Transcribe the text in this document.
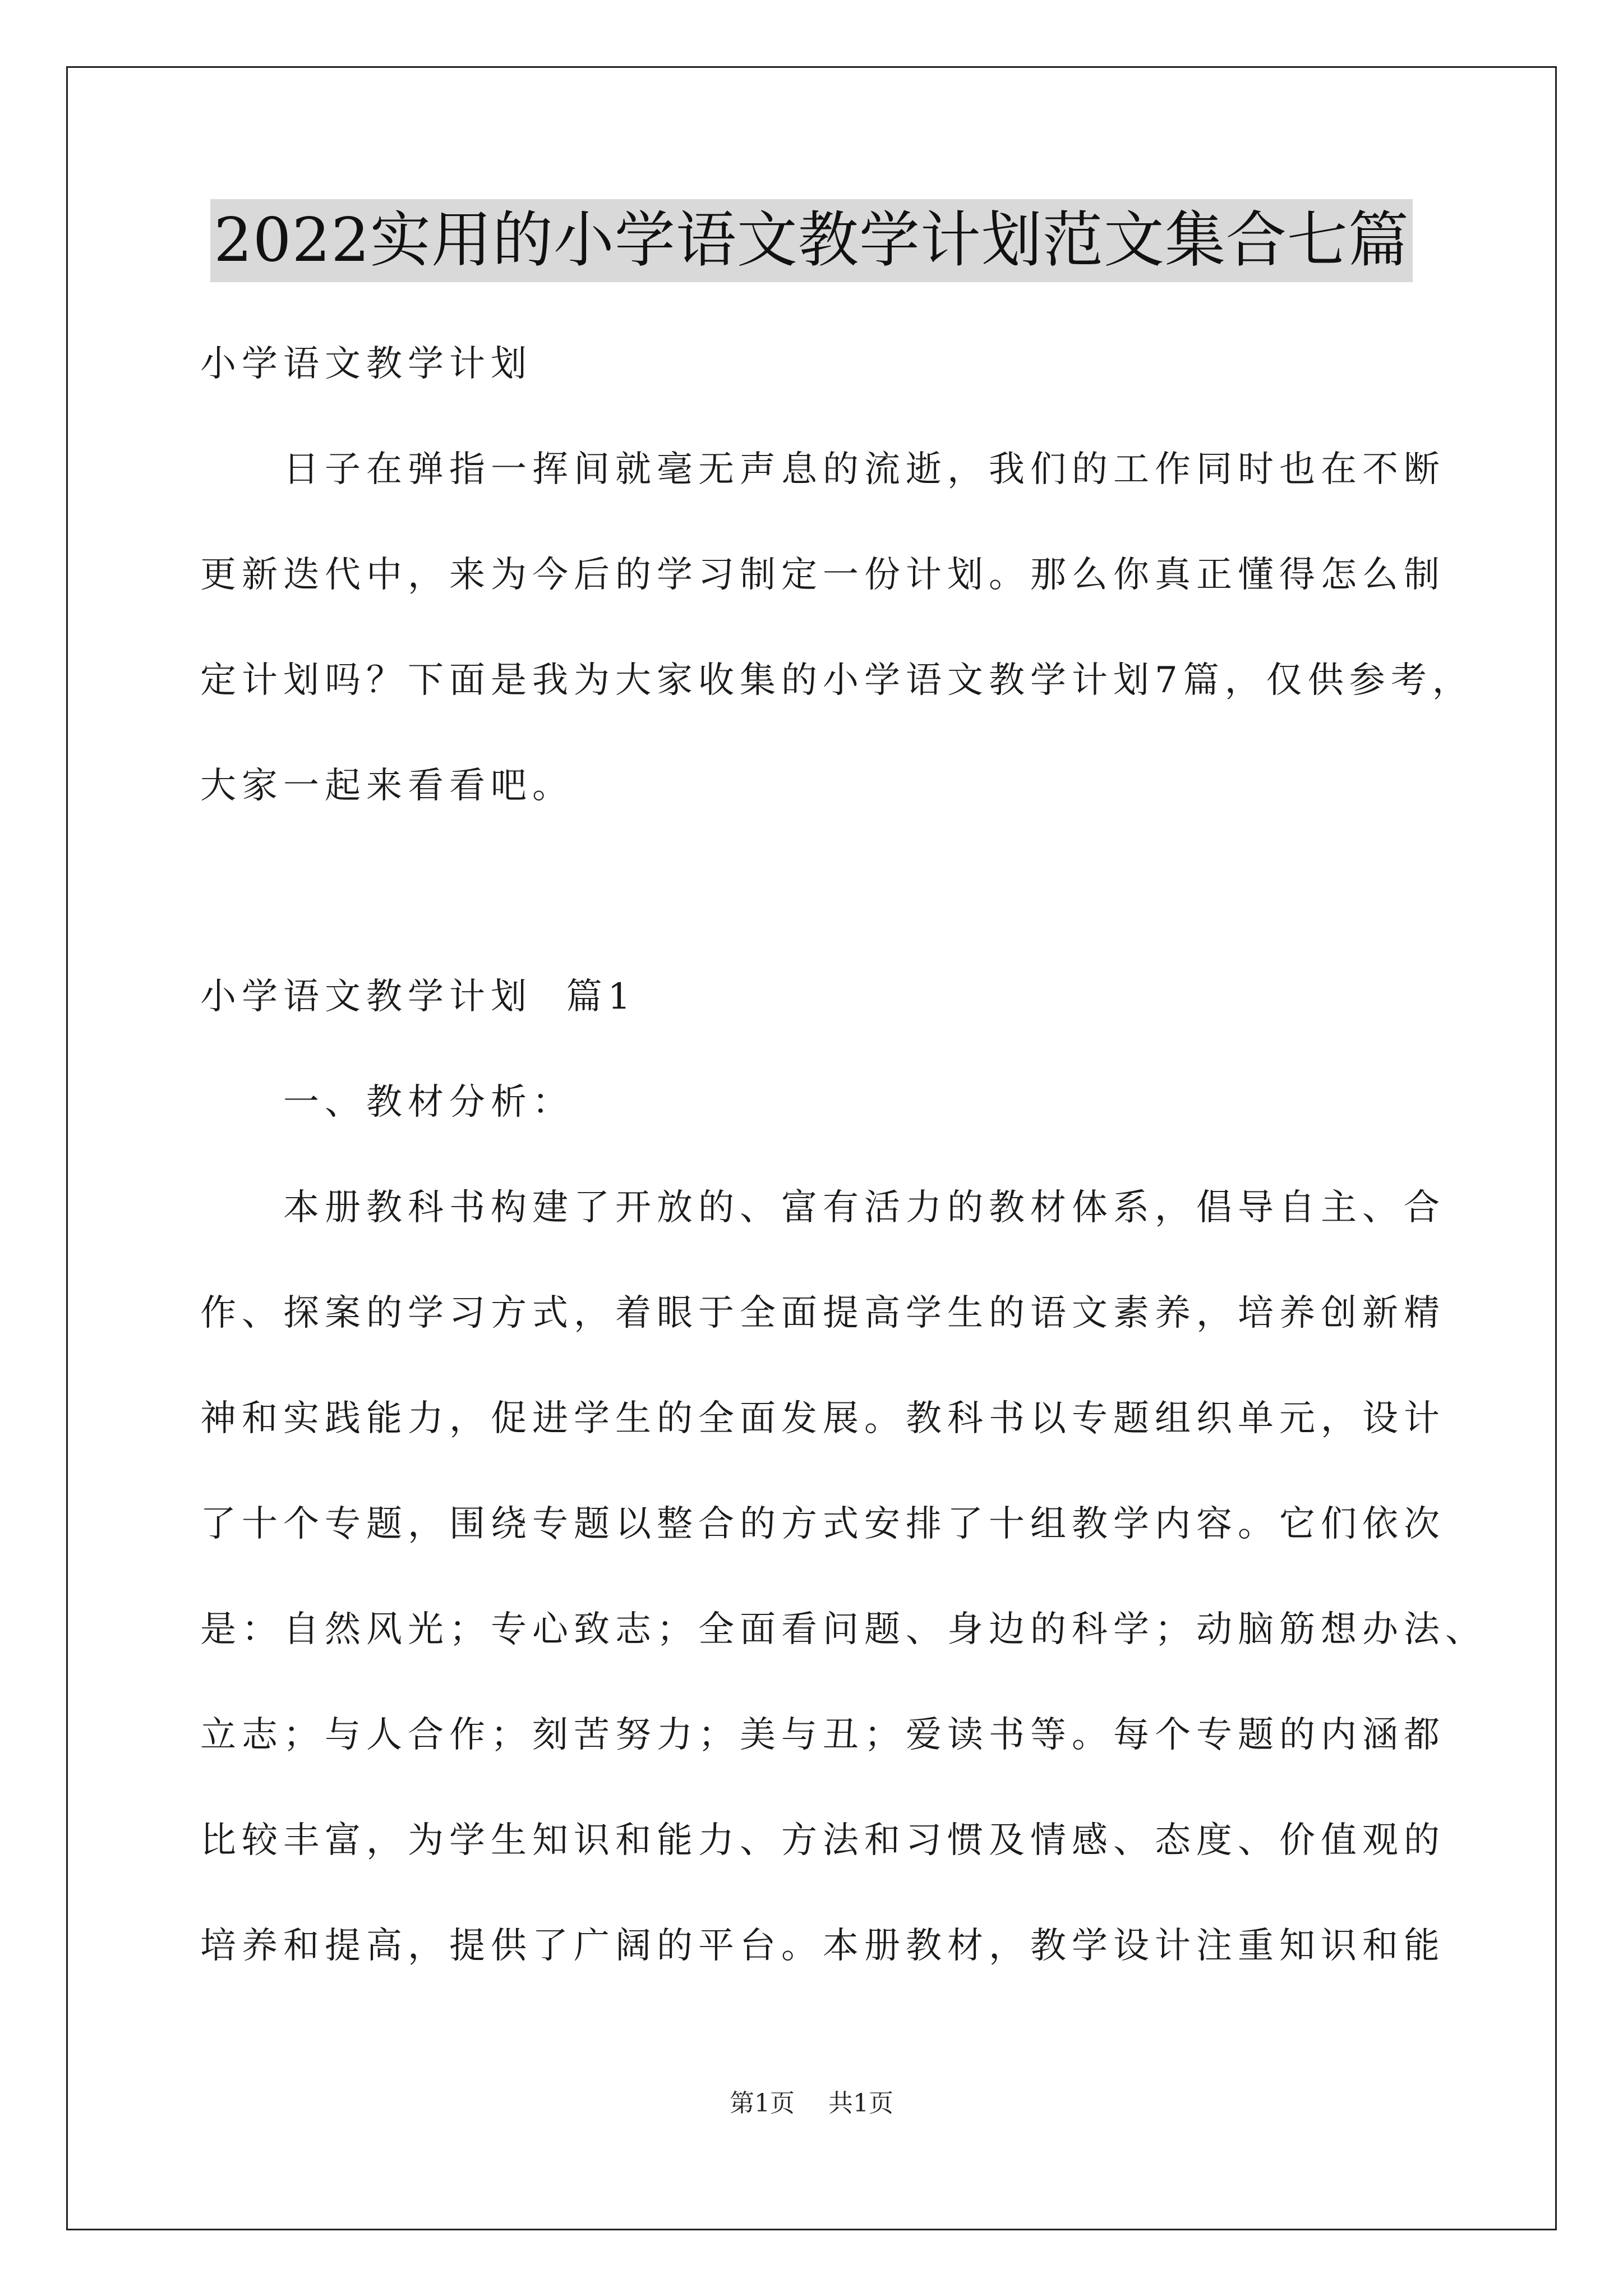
2022实用的小学语文教学计划范文集合七篇
小学语文教学计划
日子在弹指一挥间就毫无声息的流逝，我们的工作同时也在不断
更新迭代中，来为今后的学习制定一份计划。那么你真正懂得怎么制
定计划吗？下面是我为大家收集的小学语文教学计划7篇，仅供参考，
大家一起来看看吧。
小学语文教学计划  篇1
一、教材分析：
本册教科书构建了开放的、富有活力的教材体系，倡导自主、合
作、探案的学习方式，着眼于全面提高学生的语文素养，培养创新精
神和实践能力，促进学生的全面发展。教科书以专题组织单元，设计
了十个专题，围绕专题以整合的方式安排了十组教学内容。它们依次
是：自然风光；专心致志；全面看问题、身边的科学；动脑筋想办法、
立志；与人合作；刻苦努力；美与丑；爱读书等。每个专题的内涵都
比较丰富，为学生知识和能力、方法和习惯及情感、态度、价值观的
培养和提高，提供了广阔的平台。本册教材，教学设计注重知识和能
第1页 共1页
